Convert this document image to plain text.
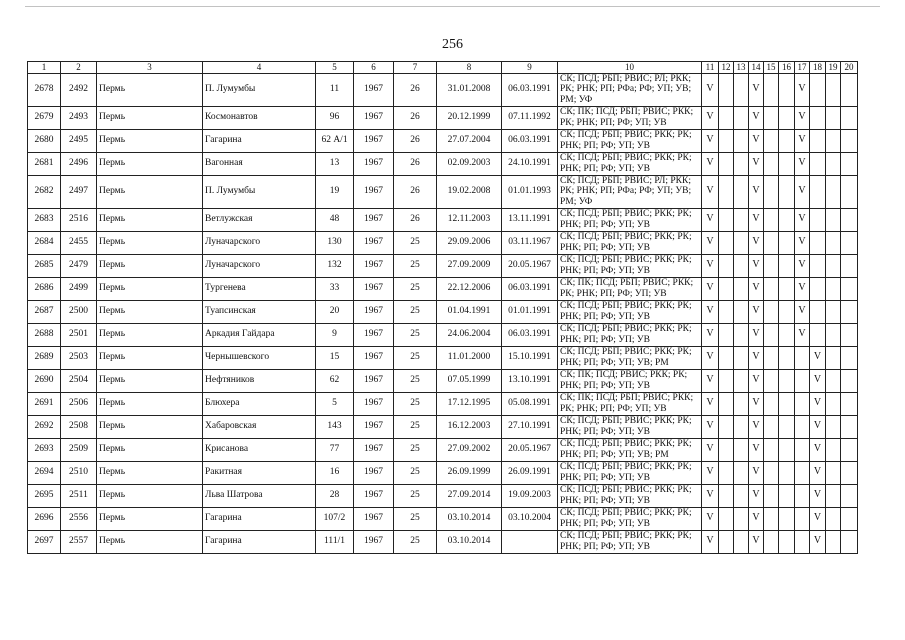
256
1	2	3	4	5	6	7	8	9	10	11	12	13	14	15	16	17	18	19	20
2678	2492	Пермь	П. Лумумбы	11	1967	26	31.01.2008	06.03.1991	СК; ПСД; РБП; РВИС; РЛ; РКК; РК; РНК; РП; РФа; РФ; УП; УВ; РМ; УФ	V			V			V			
2679	2493	Пермь	Космонавтов	96	1967	26	20.12.1999	07.11.1992	СК; ПК; ПСД; РБП; РВИС; РКК; РК; РНК; РП; РФ; УП; УВ	V			V			V			
2680	2495	Пермь	Гагарина	62 А/1	1967	26	27.07.2004	06.03.1991	СК; ПСД; РБП; РВИС; РКК; РК; РНК; РП; РФ; УП; УВ	V			V			V			
2681	2496	Пермь	Вагонная	13	1967	26	02.09.2003	24.10.1991	СК; ПСД; РБП; РВИС; РКК; РК; РНК; РП; РФ; УП; УВ	V			V			V			
2682	2497	Пермь	П. Лумумбы	19	1967	26	19.02.2008	01.01.1993	СК; ПСД; РБП; РВИС; РЛ; РКК; РК; РНК; РП; РФа; РФ; УП; УВ; РМ; УФ	V			V			V			
2683	2516	Пермь	Ветлужская	48	1967	26	12.11.2003	13.11.1991	СК; ПСД; РБП; РВИС; РКК; РК; РНК; РП; РФ; УП; УВ	V			V			V			
2684	2455	Пермь	Луначарского	130	1967	25	29.09.2006	03.11.1967	СК; ПСД; РБП; РВИС; РКК; РК; РНК; РП; РФ; УП; УВ	V			V			V			
2685	2479	Пермь	Луначарского	132	1967	25	27.09.2009	20.05.1967	СК; ПСД; РБП; РВИС; РКК; РК; РНК; РП; РФ; УП; УВ	V			V			V			
2686	2499	Пермь	Тургенева	33	1967	25	22.12.2006	06.03.1991	СК; ПК; ПСД; РБП; РВИС; РКК; РК; РНК; РП; РФ; УП; УВ	V			V			V			
2687	2500	Пермь	Туапсинская	20	1967	25	01.04.1991	01.01.1991	СК; ПСД; РБП; РВИС; РКК; РК; РНК; РП; РФ; УП; УВ	V			V			V			
2688	2501	Пермь	Аркадия Гайдара	9	1967	25	24.06.2004	06.03.1991	СК; ПСД; РБП; РВИС; РКК; РК; РНК; РП; РФ; УП; УВ	V			V			V			
2689	2503	Пермь	Чернышевского	15	1967	25	11.01.2000	15.10.1991	СК; ПСД; РБП; РВИС; РКК; РК; РНК; РП; РФ; УП; УВ; РМ	V			V				V		
2690	2504	Пермь	Нефтяников	62	1967	25	07.05.1999	13.10.1991	СК; ПК; ПСД; РВИС; РКК; РК; РНК; РП; РФ; УП; УВ	V			V				V		
2691	2506	Пермь	Блюхера	5	1967	25	17.12.1995	05.08.1991	СК; ПК; ПСД; РБП; РВИС; РКК; РК; РНК; РП; РФ; УП; УВ	V			V				V		
2692	2508	Пермь	Хабаровская	143	1967	25	16.12.2003	27.10.1991	СК; ПСД; РБП; РВИС; РКК; РК; РНК; РП; РФ; УП; УВ	V			V				V		
2693	2509	Пермь	Крисанова	77	1967	25	27.09.2002	20.05.1967	СК; ПСД; РБП; РВИС; РКК; РК; РНК; РП; РФ; УП; УВ; РМ	V			V				V		
2694	2510	Пермь	Ракитная	16	1967	25	26.09.1999	26.09.1991	СК; ПСД; РБП; РВИС; РКК; РК; РНК; РП; РФ; УП; УВ	V			V				V		
2695	2511	Пермь	Льва Шатрова	28	1967	25	27.09.2014	19.09.2003	СК; ПСД; РБП; РВИС; РКК; РК; РНК; РП; РФ; УП; УВ	V			V				V		
2696	2556	Пермь	Гагарина	107/2	1967	25	03.10.2014	03.10.2004	СК; ПСД; РБП; РВИС; РКК; РК; РНК; РП; РФ; УП; УВ	V			V				V		
2697	2557	Пермь	Гагарина	111/1	1967	25	03.10.2014		СК; ПСД; РБП; РВИС; РКК; РК; РНК; РП; РФ; УП; УВ	V			V				V		
